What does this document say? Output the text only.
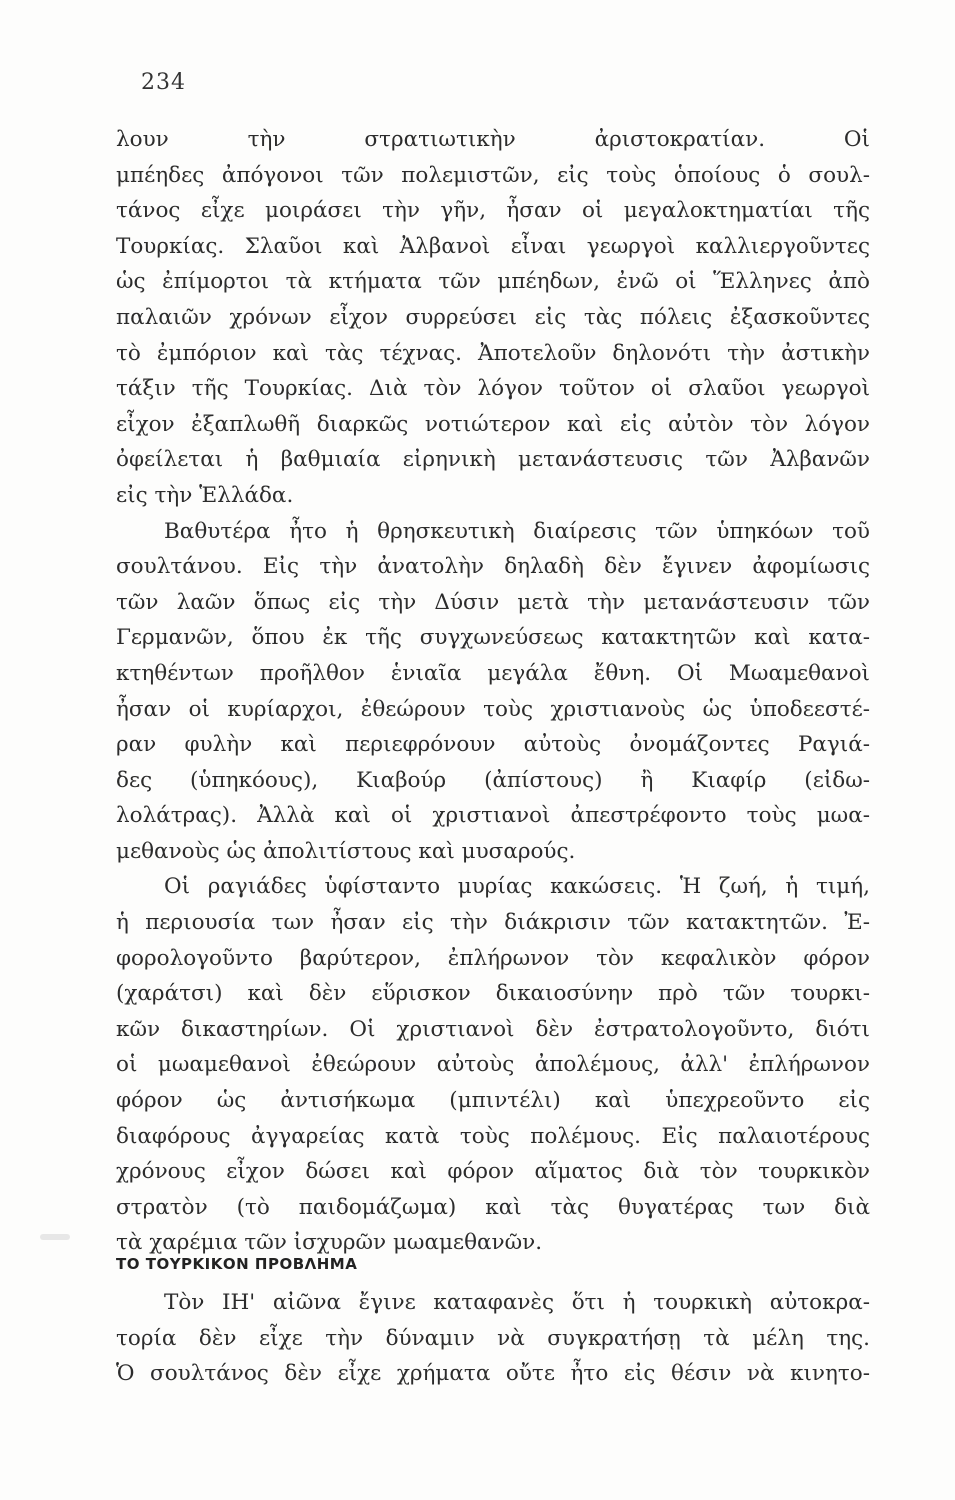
234
λουν τὴν στρατιωτικὴν ἀριστοκρατίαν. Οἱ
μπέηδες ἀπόγονοι τῶν πολεμιστῶν, εἰς τοὺς ὁποίους ὁ σουλ-
τάνος εἶχε μοιράσει τὴν γῆν, ἦσαν οἱ μεγαλοκτηματίαι τῆς
Τουρκίας. Σλαῦοι καὶ Ἀλβανοὶ εἶναι γεωργοὶ καλλιεργοῦντες
ὡς ἐπίμορτοι τὰ κτήματα τῶν μπέηδων, ἐνῶ οἱ Ἕλληνες ἀπὸ
παλαιῶν χρόνων εἶχον συρρεύσει εἰς τὰς πόλεις ἐξασκοῦντες
τὸ ἐμπόριον καὶ τὰς τέχνας. Ἀποτελοῦν δηλονότι τὴν ἀστικὴν
τάξιν τῆς Τουρκίας. Διὰ τὸν λόγον τοῦτον οἱ σλαῦοι γεωργοὶ
εἶχον ἐξαπλωθῆ διαρκῶς νοτιώτερον καὶ εἰς αὐτὸν τὸν λόγον
ὀφείλεται ἡ βαθμιαία εἰρηνικὴ μετανάστευσις τῶν Ἀλβανῶν
εἰς τὴν Ἑλλάδα.
Βαθυτέρα ἦτο ἡ θρησκευτικὴ διαίρεσις τῶν ὑπηκόων τοῦ
σουλτάνου. Εἰς τὴν ἀνατολὴν δηλαδὴ δὲν ἔγινεν ἀφομίωσις
τῶν λαῶν ὅπως εἰς τὴν Δύσιν μετὰ τὴν μετανάστευσιν τῶν
Γερμανῶν, ὅπου ἐκ τῆς συγχωνεύσεως κατακτητῶν καὶ κατα-
κτηθέντων προῆλθον ἑνιαῖα μεγάλα ἔθνη. Οἱ Μωαμεθανοὶ
ἦσαν οἱ κυρίαρχοι, ἐθεώρουν τοὺς χριστιανοὺς ὡς ὑποδεεστέ-
ραν φυλὴν καὶ περιεφρόνουν αὐτοὺς ὀνομάζοντες Ραγιά-
δες (ὑπηκόους), Κιαβούρ (ἀπίστους) ἢ Κιαφίρ (εἰδω-
λολάτρας). Ἀλλὰ καὶ οἱ χριστιανοὶ ἀπεστρέφοντο τοὺς μωα-
μεθανοὺς ὡς ἀπολιτίστους καὶ μυσαρούς.
Οἱ ραγιάδες ὑφίσταντο μυρίας κακώσεις. Ἡ ζωή, ἡ τιμή,
ἡ περιουσία των ἦσαν εἰς τὴν διάκρισιν τῶν κατακτητῶν. Ἐ-
φορολογοῦντο βαρύτερον, ἐπλήρωνον τὸν κεφαλικὸν φόρον
(χαράτσι) καὶ δὲν εὕρισκον δικαιοσύνην πρὸ τῶν τουρκι-
κῶν δικαστηρίων. Οἱ χριστιανοὶ δὲν ἐστρατολογοῦντο, διότι
οἱ μωαμεθανοὶ ἐθεώρουν αὐτοὺς ἀπολέμους, ἀλλ' ἐπλήρωνον
φόρον ὡς ἀντισήκωμα (μπιντέλι) καὶ ὑπεχρεοῦντο εἰς
διαφόρους ἀγγαρείας κατὰ τοὺς πολέμους. Εἰς παλαιοτέρους
χρόνους εἶχον δώσει καὶ φόρον αἵματος διὰ τὸν τουρκικὸν
στρατὸν (τὸ παιδομάζωμα) καὶ τὰς θυγατέρας των διὰ
τὰ χαρέμια τῶν ἰσχυρῶν μωαμεθανῶν.
ΤΟ ΤΟΥΡΚΙΚΟΝ ΠΡΟΒΛΗΜΑ
Τὸν ΙΗ' αἰῶνα ἔγινε καταφανὲς ὅτι ἡ τουρκικὴ αὐτοκρα-
τορία δὲν εἶχε τὴν δύναμιν νὰ συγκρατήσῃ τὰ μέλη της.
Ὁ σουλτάνος δὲν εἶχε χρήματα οὔτε ἦτο εἰς θέσιν νὰ κινητο-
